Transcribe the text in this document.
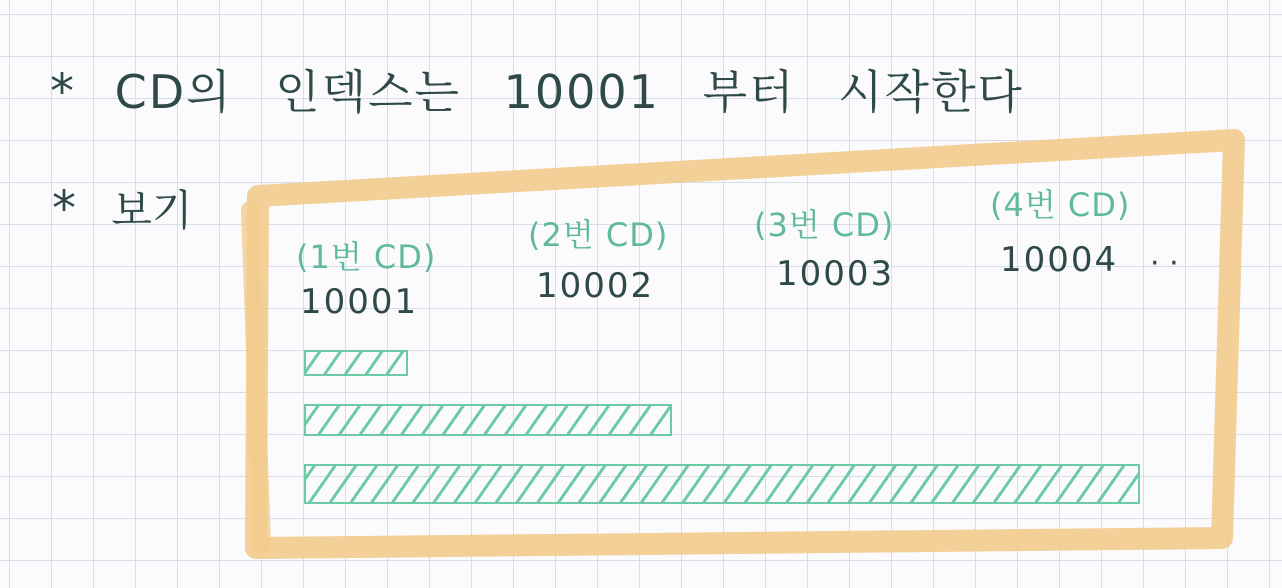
* CD의 인덱스는 10001 부터 시작한다
* 보기
(1번 CD)
(2번 CD)	(3번 CD)
(4번 CD)
10001	10002	10003	10004 · ·
